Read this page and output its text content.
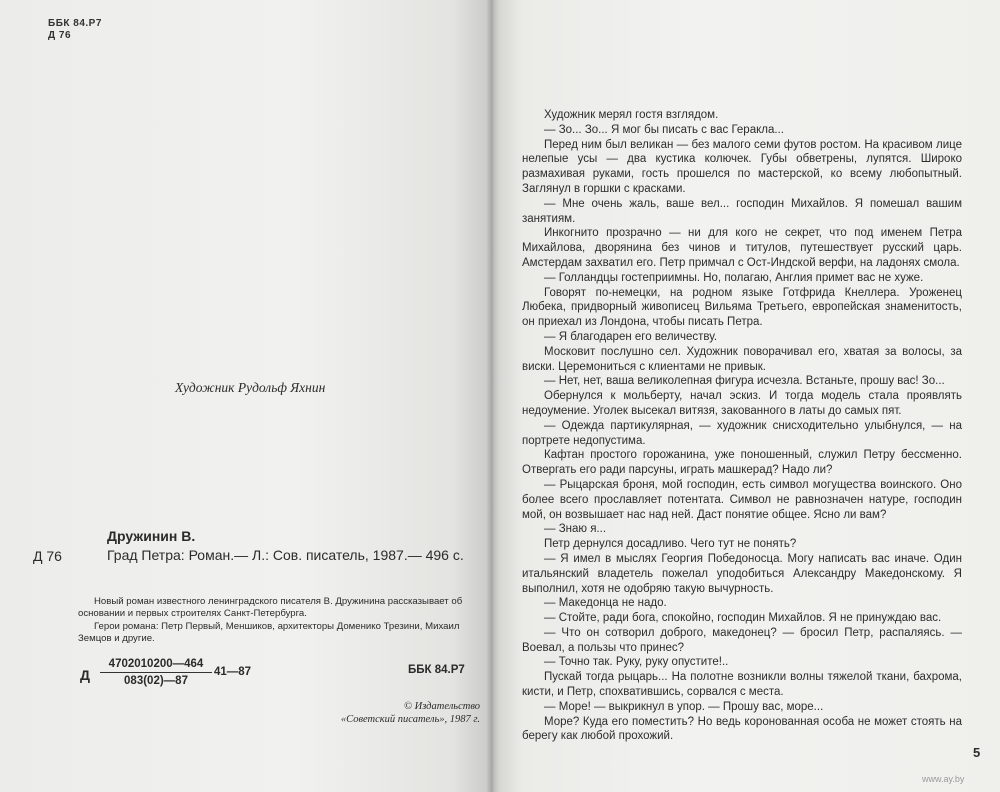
ББК 84.Р7
Д 76
Художник Рудольф Яхнин
Дружинин В.
Д 76	Град Петра: Роман.— Л.: Сов. писатель, 1987.— 496 с.

Новый роман известного ленинградского писателя В. Дружинина рассказывает об основании и первых строителях Санкт-Петербурга.

Герои романа: Петр Первый, Меншиков, архитекторы Доменико Трезини, Михаил Земцов и другие.

Д $\frac{4702010200—464}{083(02)—87}$ 41—87	ББК 84.Р7
© Издательство
«Советский писатель», 1987 г.

Художник мерял гостя взглядом.

— Зо... Зо... Я мог бы писать с вас Геракла...

Перед ним был великан — без малого семи футов ростом. На красивом лице нелепые усы — два кустика колючек. Губы обветрены, лупятся. Широко размахивая руками, гость прошелся по мастерской, ко всему любопытный. Заглянул в горшки с красками.

— Мне очень жаль, ваше вел... господин Михайлов. Я помешал вашим занятиям.

Инкогнито прозрачно — ни для кого не секрет, что под именем Петра Михайлова, дворянина без чинов и титулов, путешествует русский царь. Амстердам захватил его. Петр примчал с Ост-Индской верфи, на ладонях смола.

— Голландцы гостеприимны. Но, полагаю, Англия примет вас не хуже.

Говорят по-немецки, на родном языке Готфрида Кнеллера. Уроженец Любека, придворный живописец Вильяма Третьего, европейская знаменитость, он приехал из Лондона, чтобы писать Петра.

— Я благодарен его величеству.

Московит послушно сел. Художник поворачивал его, хватая за волосы, за виски. Церемониться с клиентами не привык.

— Нет, нет, ваша великолепная фигура исчезла. Встаньте, прошу вас! Зо...

Обернулся к мольберту, начал эскиз. И тогда модель стала проявлять недоумение. Уголек высекал витязя, закованного в латы до самых пят.

— Одежда партикулярная, — художник снисходительно улыбнулся, — на портрете недопустима.

Кафтан простого горожанина, уже поношенный, служил Петру бессменно. Отвергать его ради парсуны, играть машкерад? Надо ли?

— Рыцарская броня, мой господин, есть символ могущества воинского. Оно более всего прославляет потентата. Символ не равнозначен натуре, господин мой, он возвышает нас над ней. Даст понятие общее. Ясно ли вам?

— Знаю я...

Петр дернулся досадливо. Чего тут не понять?

— Я имел в мыслях Георгия Победоносца. Могу написать вас иначе. Один итальянский владетель пожелал уподобиться Александру Македонскому. Я выполнил, хотя не одобряю такую вычурность.

— Македонца не надо.

— Стойте, ради бога, спокойно, господин Михайлов. Я не принуждаю вас.

— Что он сотворил доброго, македонец? — бросил Петр, распаляясь. — Воевал, а пользы что принес?

— Точно так. Руку, руку опустите!..

Пускай тогда рыцарь... На полотне возникли волны тяжелой ткани, бахрома, кисти, и Петр, спохватившись, сорвался с места.

— Море! — выкрикнул в упор. — Прошу вас, море...

Море? Куда его поместить? Но ведь коронованная особа не может стоять на берегу как любой прохожий.

5
www.ay.by
